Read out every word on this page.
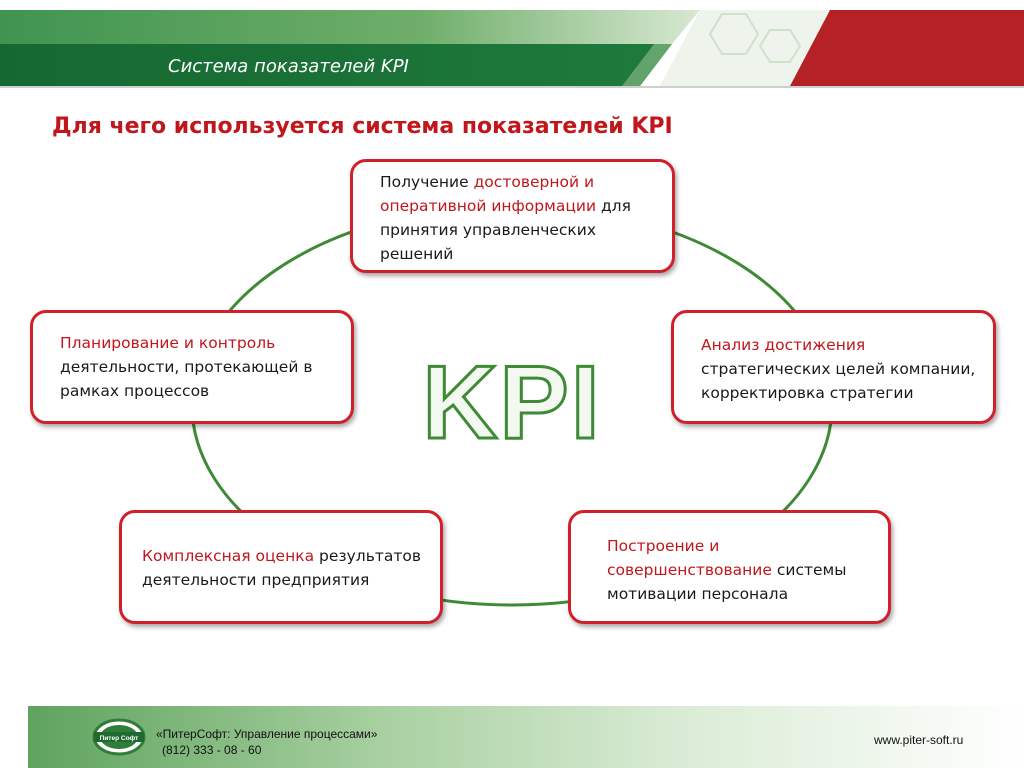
Система показателей KPI
Для чего используется система показателей KPI
KPI
Получение достоверной и оперативной информации для принятия управленческих решений
Планирование и контроль деятельности, протекающей в рамках процессов
Анализ достижения стратегических целей компании, корректировка стратегии
Комплексная оценка результатов деятельности предприятия
Построение и совершенствование системы мотивации персонала
Питер Софт «ПитерСофт: Управление процессами»
(812) 333 - 08 - 60
www.piter-soft.ru
